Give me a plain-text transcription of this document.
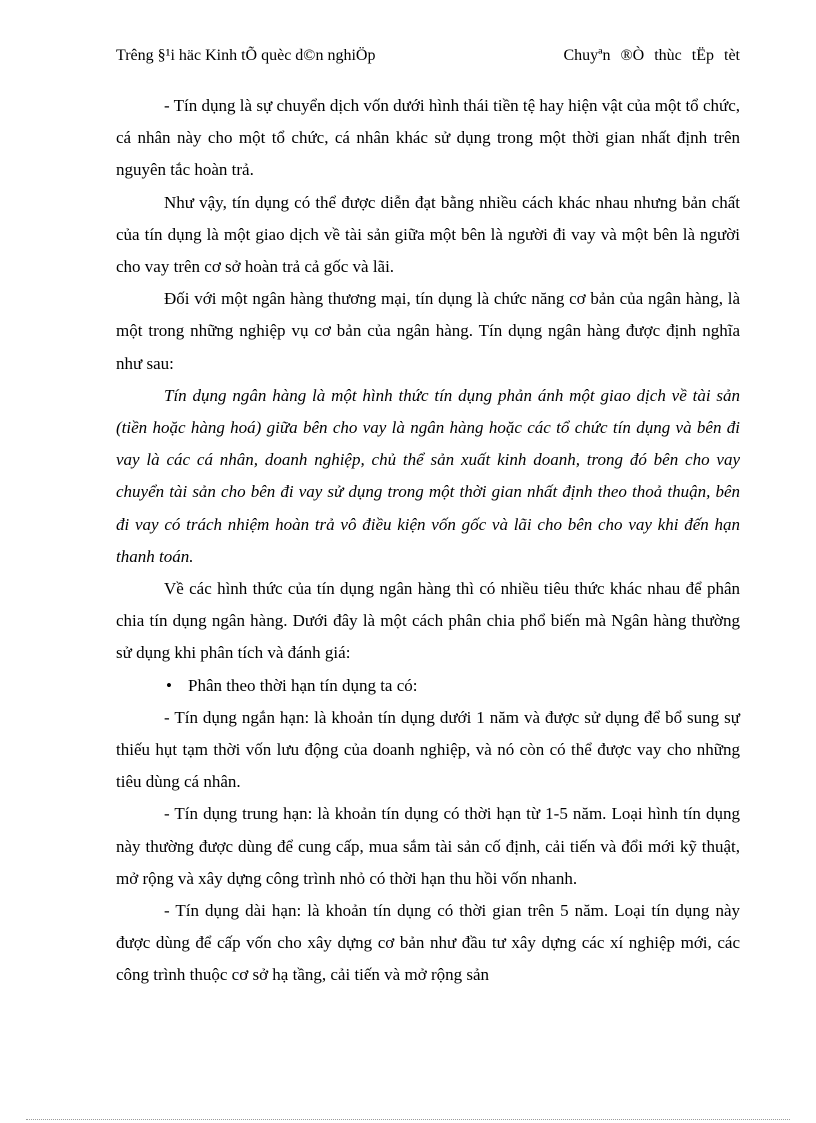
Trêng §¹i häc Kinh tÕ quèc d©n nghiÖp	Chuyªn ®Ò thùc tËp tèt

- Tín dụng là sự chuyển dịch vốn dưới hình thái tiền tệ hay hiện vật của một tổ chức, cá nhân này cho một tổ chức, cá nhân khác sử dụng trong một thời gian nhất định trên nguyên tắc hoàn trả.

Như vậy, tín dụng có thể được diễn đạt bằng nhiều cách khác nhau nhưng bản chất của tín dụng là một giao dịch về tài sản giữa một bên là người đi vay và một bên là người cho vay trên cơ sở hoàn trả cả gốc và lãi.

Đối với một ngân hàng thương mại, tín dụng là chức năng cơ bản của ngân hàng, là một trong những nghiệp vụ cơ bản của ngân hàng. Tín dụng ngân hàng được định nghĩa như sau:

Tín dụng ngân hàng là một hình thức tín dụng phản ánh một giao dịch về tài sản (tiền hoặc hàng hoá) giữa bên cho vay là ngân hàng hoặc các tổ chức tín dụng và bên đi vay là các cá nhân, doanh nghiệp, chủ thể sản xuất kinh doanh, trong đó bên cho vay chuyển tài sản cho bên đi vay sử dụng trong một thời gian nhất định theo thoả thuận, bên đi vay có trách nhiệm hoàn trả vô điều kiện vốn gốc và lãi cho bên cho vay khi đến hạn thanh toán.

Về các hình thức của tín dụng ngân hàng thì có nhiều tiêu thức khác nhau để phân chia tín dụng ngân hàng. Dưới đây là một cách phân chia phổ biến mà Ngân hàng thường sử dụng khi phân tích và đánh giá:

• Phân theo thời hạn tín dụng ta có:

- Tín dụng ngắn hạn: là khoản tín dụng dưới 1 năm và được sử dụng để bổ sung sự thiếu hụt tạm thời vốn lưu động của doanh nghiệp, và nó còn có thể được vay cho những tiêu dùng cá nhân.

- Tín dụng trung hạn: là khoản tín dụng có thời hạn từ 1-5 năm. Loại hình tín dụng này thường được dùng để cung cấp, mua sắm tài sản cố định, cải tiến và đổi mới kỹ thuật, mở rộng và xây dựng công trình nhỏ có thời hạn thu hồi vốn nhanh.

- Tín dụng dài hạn: là khoản tín dụng có thời gian trên 5 năm. Loại tín dụng này được dùng để cấp vốn cho xây dựng cơ bản như đầu tư xây dựng các xí nghiệp mới, các công trình thuộc cơ sở hạ tầng, cải tiến và mở rộng sản
